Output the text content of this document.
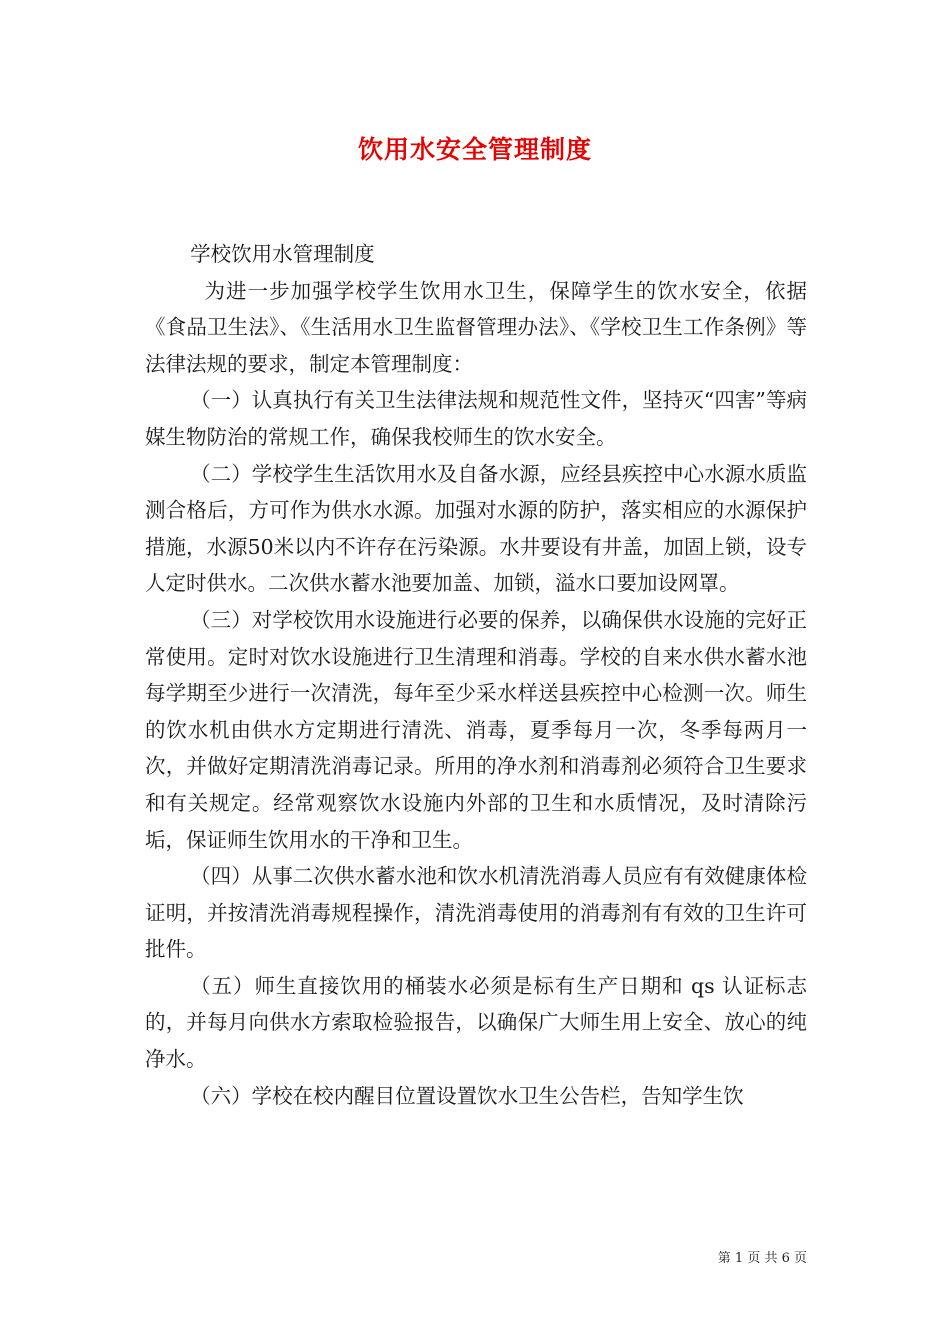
饮用水安全管理制度

学校饮用水管理制度

为进一步加强学校学生饮用水卫生，保障学生的饮水安全，依据《食品卫生法》、《生活用水卫生监督管理办法》、《学校卫生工作条例》等法律法规的要求，制定本管理制度：

（一）认真执行有关卫生法律法规和规范性文件，坚持灭“四害”等病媒生物防治的常规工作，确保我校师生的饮水安全。

（二）学校学生生活饮用水及自备水源，应经县疾控中心水源水质监测合格后，方可作为供水水源。加强对水源的防护，落实相应的水源保护措施，水源50米以内不许存在污染源。水井要设有井盖，加固上锁，设专人定时供水。二次供水蓄水池要加盖、加锁，溢水口要加设网罩。

（三）对学校饮用水设施进行必要的保养，以确保供水设施的完好正常使用。定时对饮水设施进行卫生清理和消毒。学校的自来水供水蓄水池每学期至少进行一次清洗，每年至少采水样送县疾控中心检测一次。师生的饮水机由供水方定期进行清洗、消毒，夏季每月一次，冬季每两月一次，并做好定期清洗消毒记录。所用的净水剂和消毒剂必须符合卫生要求和有关规定。经常观察饮水设施内外部的卫生和水质情况，及时清除污垢，保证师生饮用水的干净和卫生。

（四）从事二次供水蓄水池和饮水机清洗消毒人员应有有效健康体检证明，并按清洗消毒规程操作，清洗消毒使用的消毒剂有有效的卫生许可批件。

（五）师生直接饮用的桶装水必须是标有生产日期和 qs 认证标志的，并每月向供水方索取检验报告，以确保广大师生用上安全、放心的纯净水。

（六）学校在校内醒目位置设置饮水卫生公告栏，告知学生饮

第 1 页 共 6 页
